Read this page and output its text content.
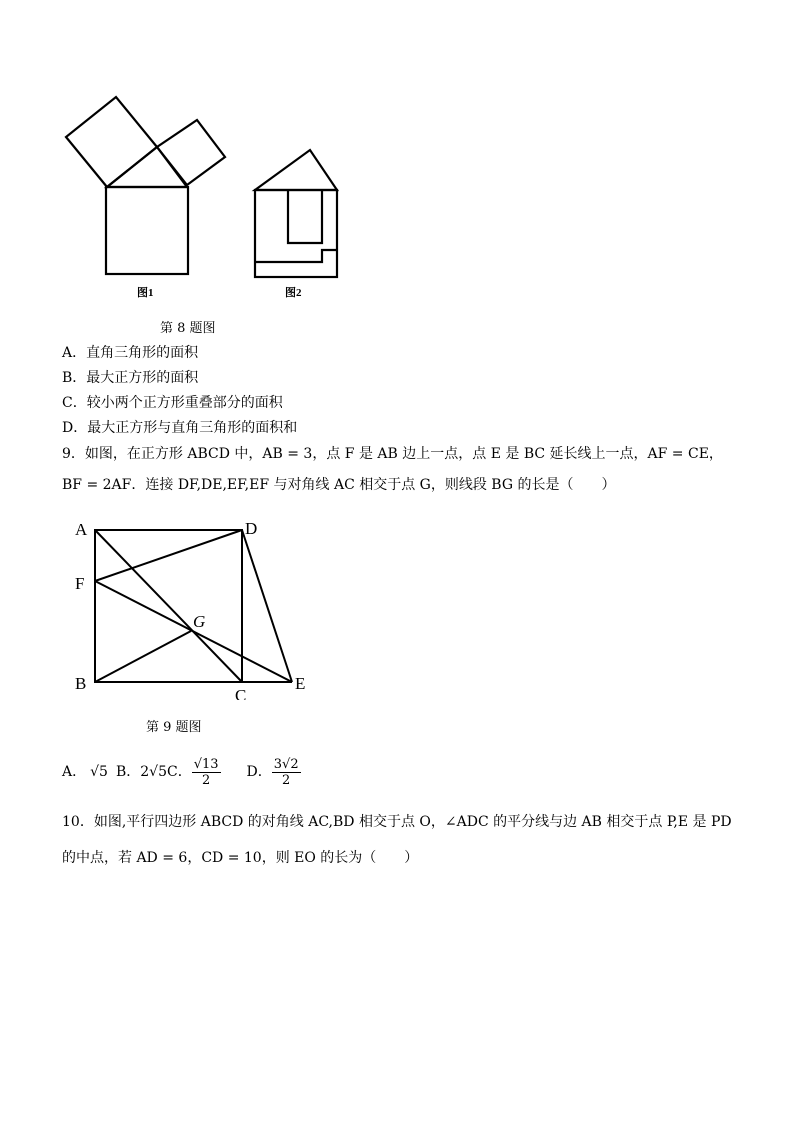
图1	图2
第 8 题图
A．直角三角形的面积
B．最大正方形的面积
C．较小两个正方形重叠部分的面积
D．最大正方形与直角三角形的面积和
9．如图，在正方形 ABCD 中，AB = 3，点 F 是 AB 边上一点，点 E 是 BC 延长线上一点，AF = CE，
BF = 2AF．连接 DF,DE,EF,EF 与对角线 AC 相交于点 G，则线段 BG 的长是（　　）
A	D
F
G
B
C
E
第 9 题图
A． √5 B． 2√5 C． $\frac{√13}{2}$ D． $\frac{3√2}{2}$
10．如图,平行四边形 ABCD 的对角线 AC,BD 相交于点 O，∠ADC 的平分线与边 AB 相交于点 P,E 是 PD
的中点，若 AD = 6，CD = 10，则 EO 的长为（　　）
